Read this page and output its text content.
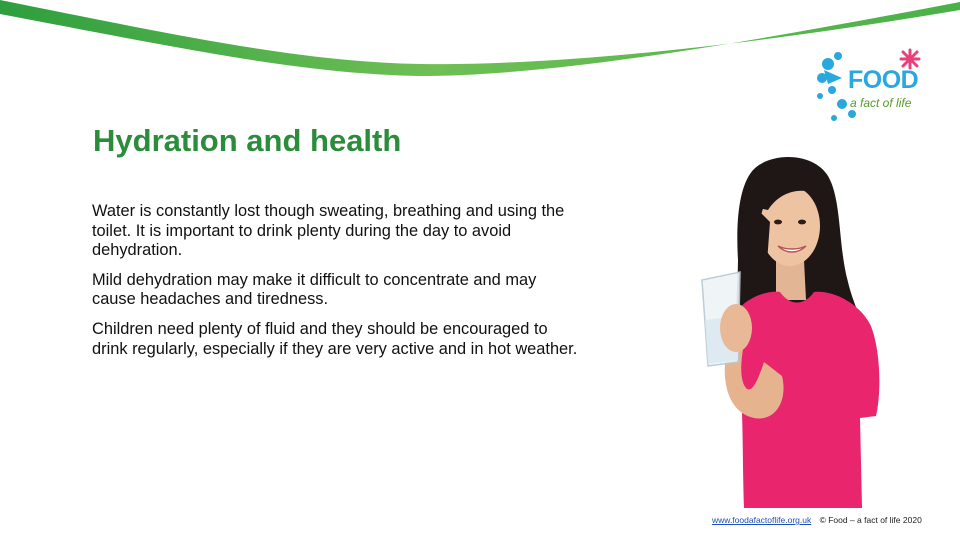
FOOD
a fact of life
Hydration and health

Water is constantly lost though sweating, breathing and using the toilet. It is important to drink plenty during the day to avoid dehydration.

Mild dehydration may make it difficult to concentrate and may cause headaches and tiredness.

Children need plenty of fluid and they should be encouraged to drink regularly, especially if they are very active and in hot weather.

www.foodafactoflife.org.uk © Food – a fact of life 2020
